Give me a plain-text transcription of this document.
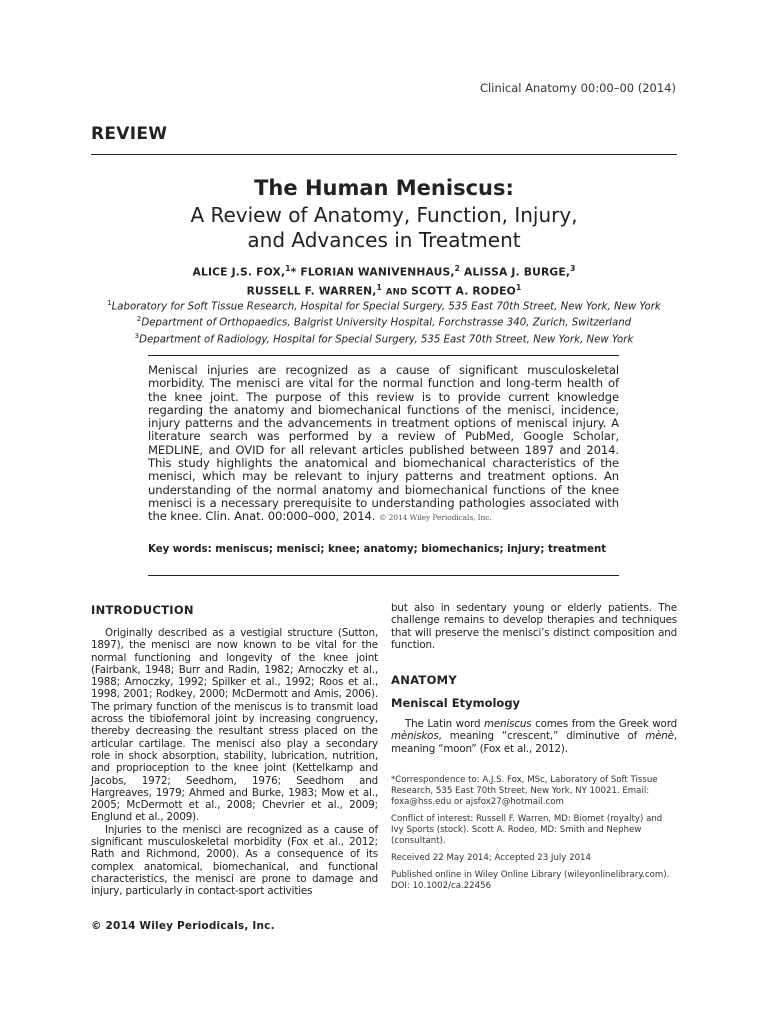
Clinical Anatomy 00:00–00 (2014)
REVIEW
The Human Meniscus:
A Review of Anatomy, Function, Injury,
and Advances in Treatment
ALICE J.S. FOX,$^1$* FLORIAN WANIVENHAUS,$^2$ ALISSA J. BURGE,$^3$
RUSSELL F. WARREN,$^1$ AND SCOTT A. RODEO$^1$
$^1$Laboratory for Soft Tissue Research, Hospital for Special Surgery, 535 East 70th Street, New York, New York
$^2$Department of Orthopaedics, Balgrist University Hospital, Forchstrasse 340, Zurich, Switzerland
$^3$Department of Radiology, Hospital for Special Surgery, 535 East 70th Street, New York, New York
Meniscal injuries are recognized as a cause of significant musculoskeletal morbidity. The menisci are vital for the normal function and long-term health of the knee joint. The purpose of this review is to provide current knowledge regarding the anatomy and biomechanical functions of the menisci, incidence, injury patterns and the advancements in treatment options of meniscal injury. A literature search was performed by a review of PubMed, Google Scholar, MEDLINE, and OVID for all relevant articles published between 1897 and 2014. This study highlights the anatomical and biomechanical characteristics of the menisci, which may be relevant to injury patterns and treatment options. An understanding of the normal anatomy and biomechanical functions of the knee menisci is a necessary prerequisite to understanding pathologies associated with the knee. Clin. Anat. 00:000–000, 2014. © 2014 Wiley Periodicals, Inc.
Key words: meniscus; menisci; knee; anatomy; biomechanics; injury; treatment

INTRODUCTION

Originally described as a vestigial structure (Sutton, 1897), the menisci are now known to be vital for the normal functioning and longevity of the knee joint (Fairbank, 1948; Burr and Radin, 1982; Arnoczky et al., 1988; Arnoczky, 1992; Spilker et al., 1992; Roos et al., 1998, 2001; Rodkey, 2000; McDermott and Amis, 2006). The primary function of the meniscus is to transmit load across the tibiofemoral joint by increasing congruency, thereby decreasing the resultant stress placed on the articular cartilage. The menisci also play a secondary role in shock absorption, stability, lubrication, nutrition, and proprioception to the knee joint (Kettelkamp and Jacobs, 1972; Seedhom, 1976; Seedhom and Hargreaves, 1979; Ahmed and Burke, 1983; Mow et al., 2005; McDermott et al., 2008; Chevrier et al., 2009; Englund et al., 2009).

Injuries to the menisci are recognized as a cause of significant musculoskeletal morbidity (Fox et al., 2012; Rath and Richmond, 2000). As a consequence of its complex anatomical, biomechanical, and functional characteristics, the menisci are prone to damage and injury, particularly in contact-sport activities

but also in sedentary young or elderly patients. The challenge remains to develop therapies and techniques that will preserve the menisci’s distinct composition and function.

ANATOMY

Meniscal Etymology

The Latin word meniscus comes from the Greek word mèniskos, meaning “crescent,” diminutive of mènè, meaning “moon” (Fox et al., 2012).

*Correspondence to: A.J.S. Fox, MSc, Laboratory of Soft Tissue Research, 535 East 70th Street, New York, NY 10021. Email: foxa@hss.edu or ajsfox27@hotmail.com

Conflict of interest: Russell F. Warren, MD: Biomet (royalty) and Ivy Sports (stock). Scott A. Rodeo, MD: Smith and Nephew (consultant).

Received 22 May 2014; Accepted 23 July 2014

Published online in Wiley Online Library (wileyonlinelibrary.com). DOI: 10.1002/ca.22456

© 2014 Wiley Periodicals, Inc.
